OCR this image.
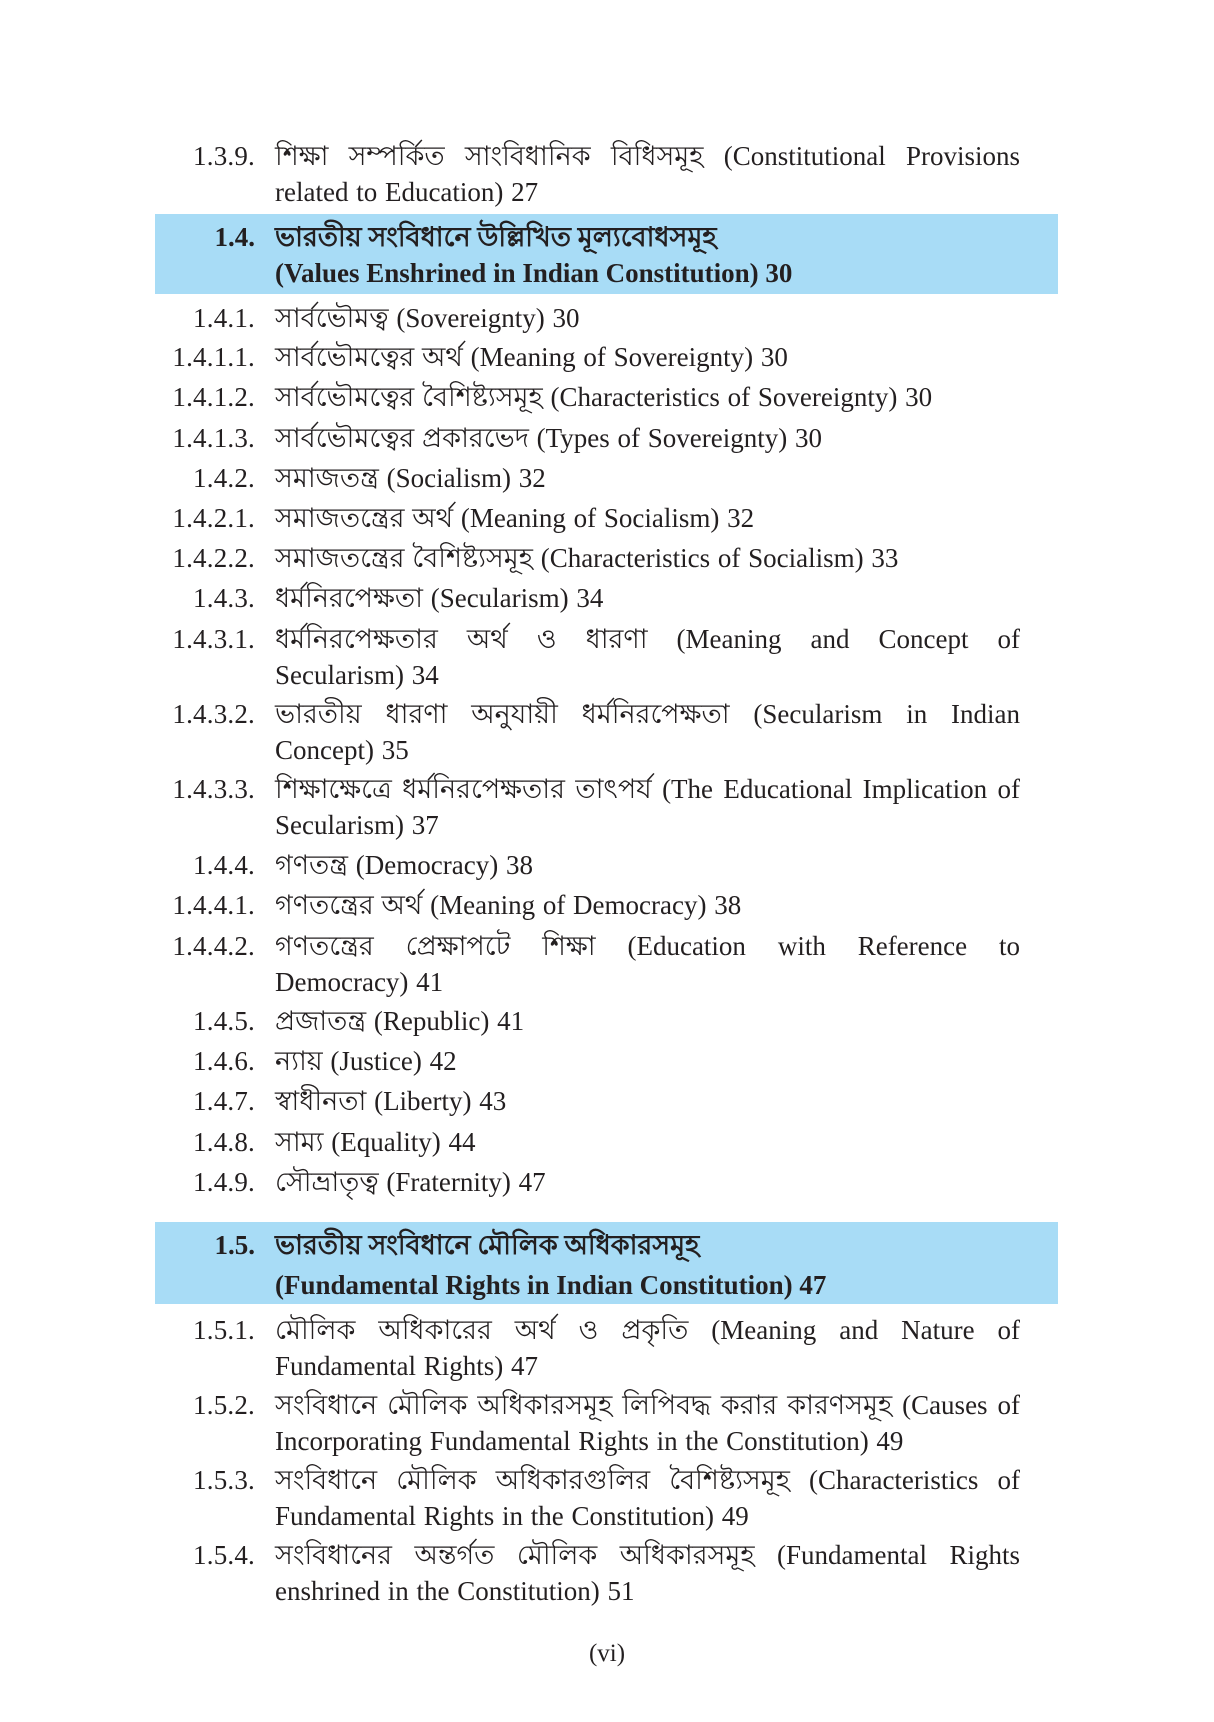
1.3.9. শিক্ষা সম্পর্কিত সাংবিধানিক বিধিসমূহ (Constitutional Provisions
related to Education) 27
1.4. ভারতীয় সংবিধানে উল্লিখিত মূল্যবোধসমূহ
(Values Enshrined in Indian Constitution) 30
1.4.1. সার্বভৌমত্ব (Sovereignty) 30
1.4.1.1. সার্বভৌমত্বের অর্থ (Meaning of Sovereignty) 30
1.4.1.2. সার্বভৌমত্বের বৈশিষ্ট্যসমূহ (Characteristics of Sovereignty) 30
1.4.1.3. সার্বভৌমত্বের প্রকারভেদ (Types of Sovereignty) 30
1.4.2. সমাজতন্ত্র (Socialism) 32
1.4.2.1. সমাজতন্ত্রের অর্থ (Meaning of Socialism) 32
1.4.2.2. সমাজতন্ত্রের বৈশিষ্ট্যসমূহ (Characteristics of Socialism) 33
1.4.3. ধর্মনিরপেক্ষতা (Secularism) 34
1.4.3.1. ধর্মনিরপেক্ষতার অর্থ ও ধারণা (Meaning and Concept of
Secularism) 34
1.4.3.2. ভারতীয় ধারণা অনুযায়ী ধর্মনিরপেক্ষতা (Secularism in Indian
Concept) 35
1.4.3.3. শিক্ষাক্ষেত্রে ধর্মনিরপেক্ষতার তাৎপর্য (The Educational Implication of
Secularism) 37
1.4.4. গণতন্ত্র (Democracy) 38
1.4.4.1. গণতন্ত্রের অর্থ (Meaning of Democracy) 38
1.4.4.2. গণতন্ত্রের প্রেক্ষাপটে শিক্ষা (Education with Reference to
Democracy) 41
1.4.5. প্রজাতন্ত্র (Republic) 41
1.4.6. ন্যায় (Justice) 42
1.4.7. স্বাধীনতা (Liberty) 43
1.4.8. সাম্য (Equality) 44
1.4.9. সৌভ্রাতৃত্ব (Fraternity) 47
1.5. ভারতীয় সংবিধানে মৌলিক অধিকারসমূহ
(Fundamental Rights in Indian Constitution) 47
1.5.1. মৌলিক অধিকারের অর্থ ও প্রকৃতি (Meaning and Nature of
Fundamental Rights) 47
1.5.2. সংবিধানে মৌলিক অধিকারসমূহ লিপিবদ্ধ করার কারণসমূহ (Causes of
Incorporating Fundamental Rights in the Constitution) 49
1.5.3. সংবিধানে মৌলিক অধিকারগুলির বৈশিষ্ট্যসমূহ (Characteristics of
Fundamental Rights in the Constitution) 49
1.5.4. সংবিধানের অন্তর্গত মৌলিক অধিকারসমূহ (Fundamental Rights
enshrined in the Constitution) 51
(vi)
